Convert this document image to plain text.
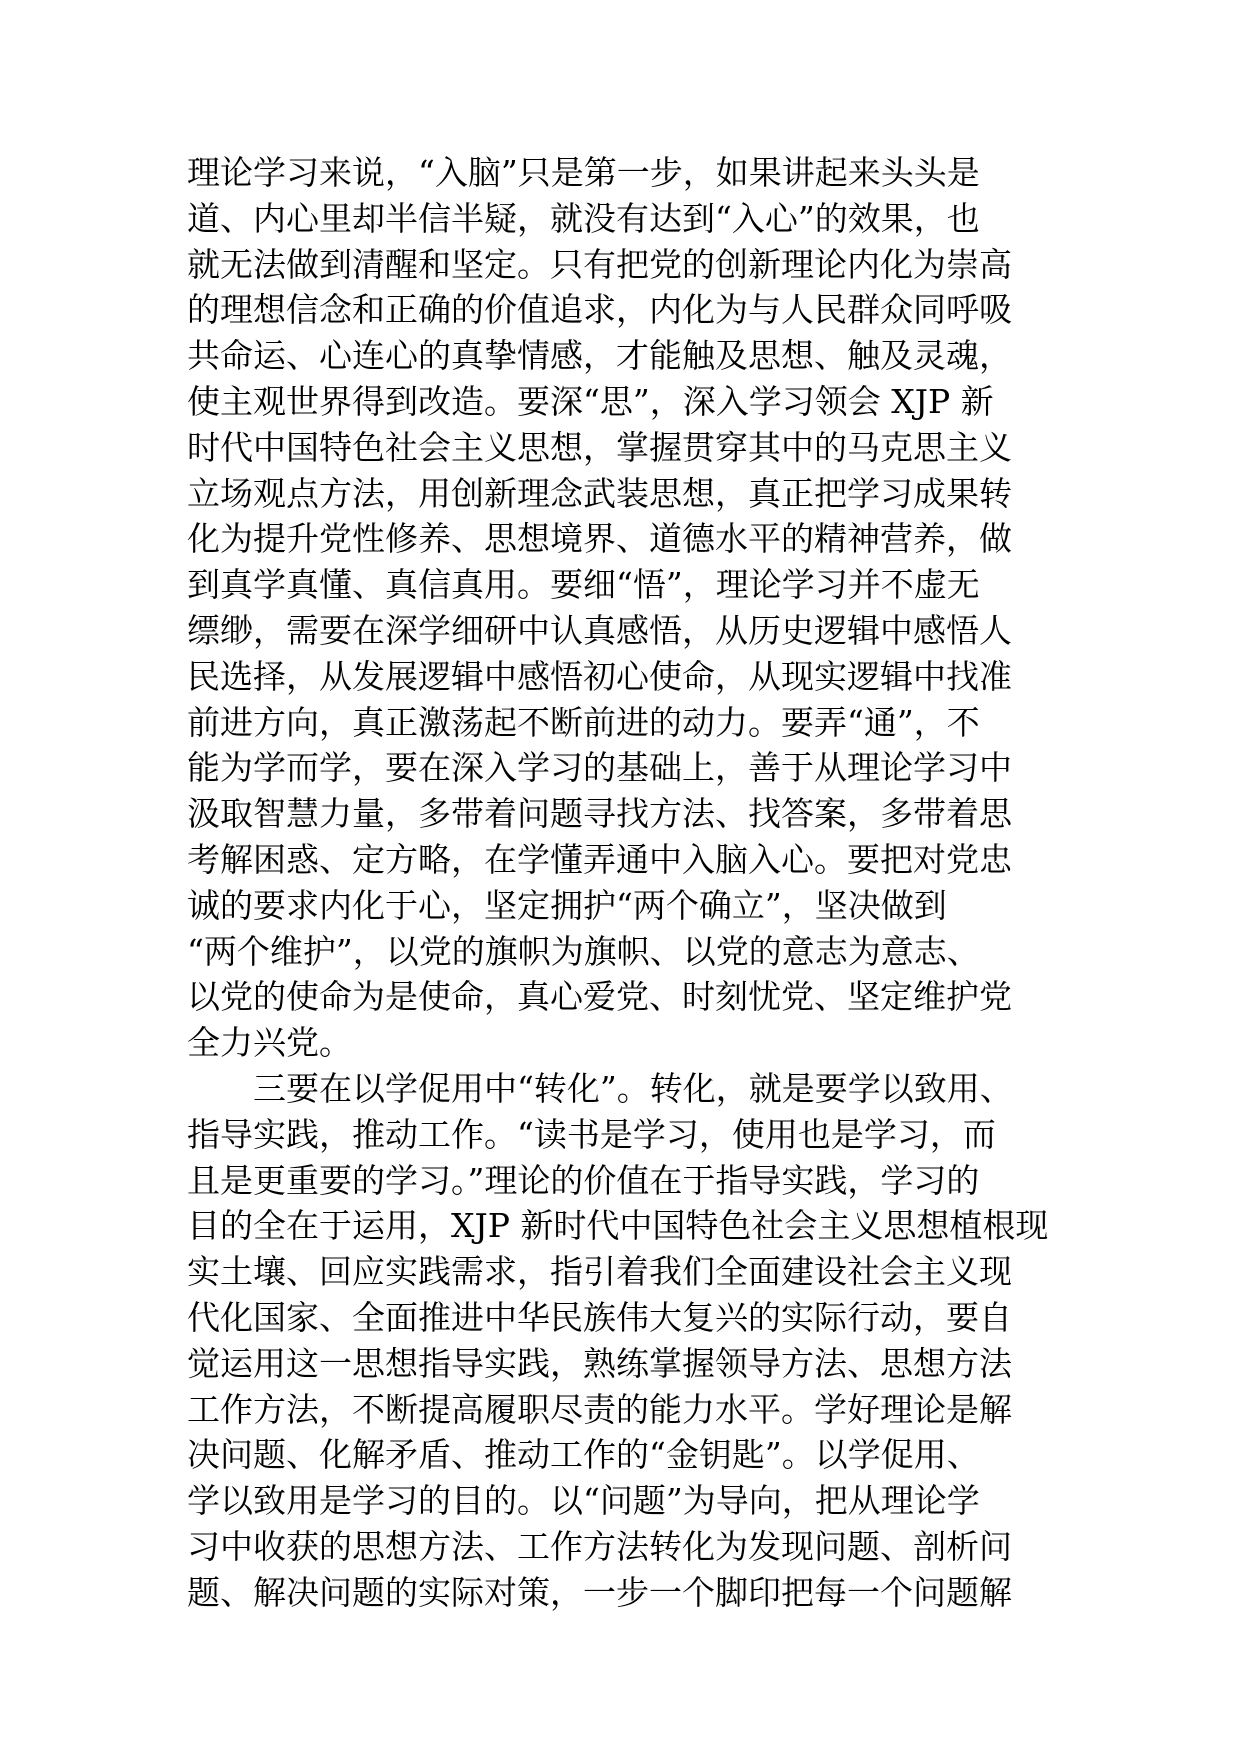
理论学习来说，“入脑”只是第一步，如果讲起来头头是
道、内心里却半信半疑，就没有达到“入心”的效果，也
就无法做到清醒和坚定。只有把党的创新理论内化为崇高
的理想信念和正确的价值追求，内化为与人民群众同呼吸
共命运、心连心的真挚情感，才能触及思想、触及灵魂，
使主观世界得到改造。要深“思”，深入学习领会 XJP 新
时代中国特色社会主义思想，掌握贯穿其中的马克思主义
立场观点方法，用创新理念武装思想，真正把学习成果转
化为提升党性修养、思想境界、道德水平的精神营养，做
到真学真懂、真信真用。要细“悟”，理论学习并不虚无
缥缈，需要在深学细研中认真感悟，从历史逻辑中感悟人
民选择，从发展逻辑中感悟初心使命，从现实逻辑中找准
前进方向，真正激荡起不断前进的动力。要弄“通”，不
能为学而学，要在深入学习的基础上，善于从理论学习中
汲取智慧力量，多带着问题寻找方法、找答案，多带着思
考解困惑、定方略，在学懂弄通中入脑入心。要把对党忠
诚的要求内化于心，坚定拥护“两个确立”，坚决做到
“两个维护”，以党的旗帜为旗帜、以党的意志为意志、
以党的使命为是使命，真心爱党、时刻忧党、坚定维护党
全力兴党。
　　三要在以学促用中“转化”。转化，就是要学以致用、
指导实践，推动工作。“读书是学习，使用也是学习，而
且是更重要的学习。”理论的价值在于指导实践，学习的
目的全在于运用，XJP 新时代中国特色社会主义思想植根现
实土壤、回应实践需求，指引着我们全面建设社会主义现
代化国家、全面推进中华民族伟大复兴的实际行动，要自
觉运用这一思想指导实践，熟练掌握领导方法、思想方法
工作方法，不断提高履职尽责的能力水平。学好理论是解
决问题、化解矛盾、推动工作的“金钥匙”。以学促用、
学以致用是学习的目的。以“问题”为导向，把从理论学
习中收获的思想方法、工作方法转化为发现问题、剖析问
题、解决问题的实际对策，一步一个脚印把每一个问题解
